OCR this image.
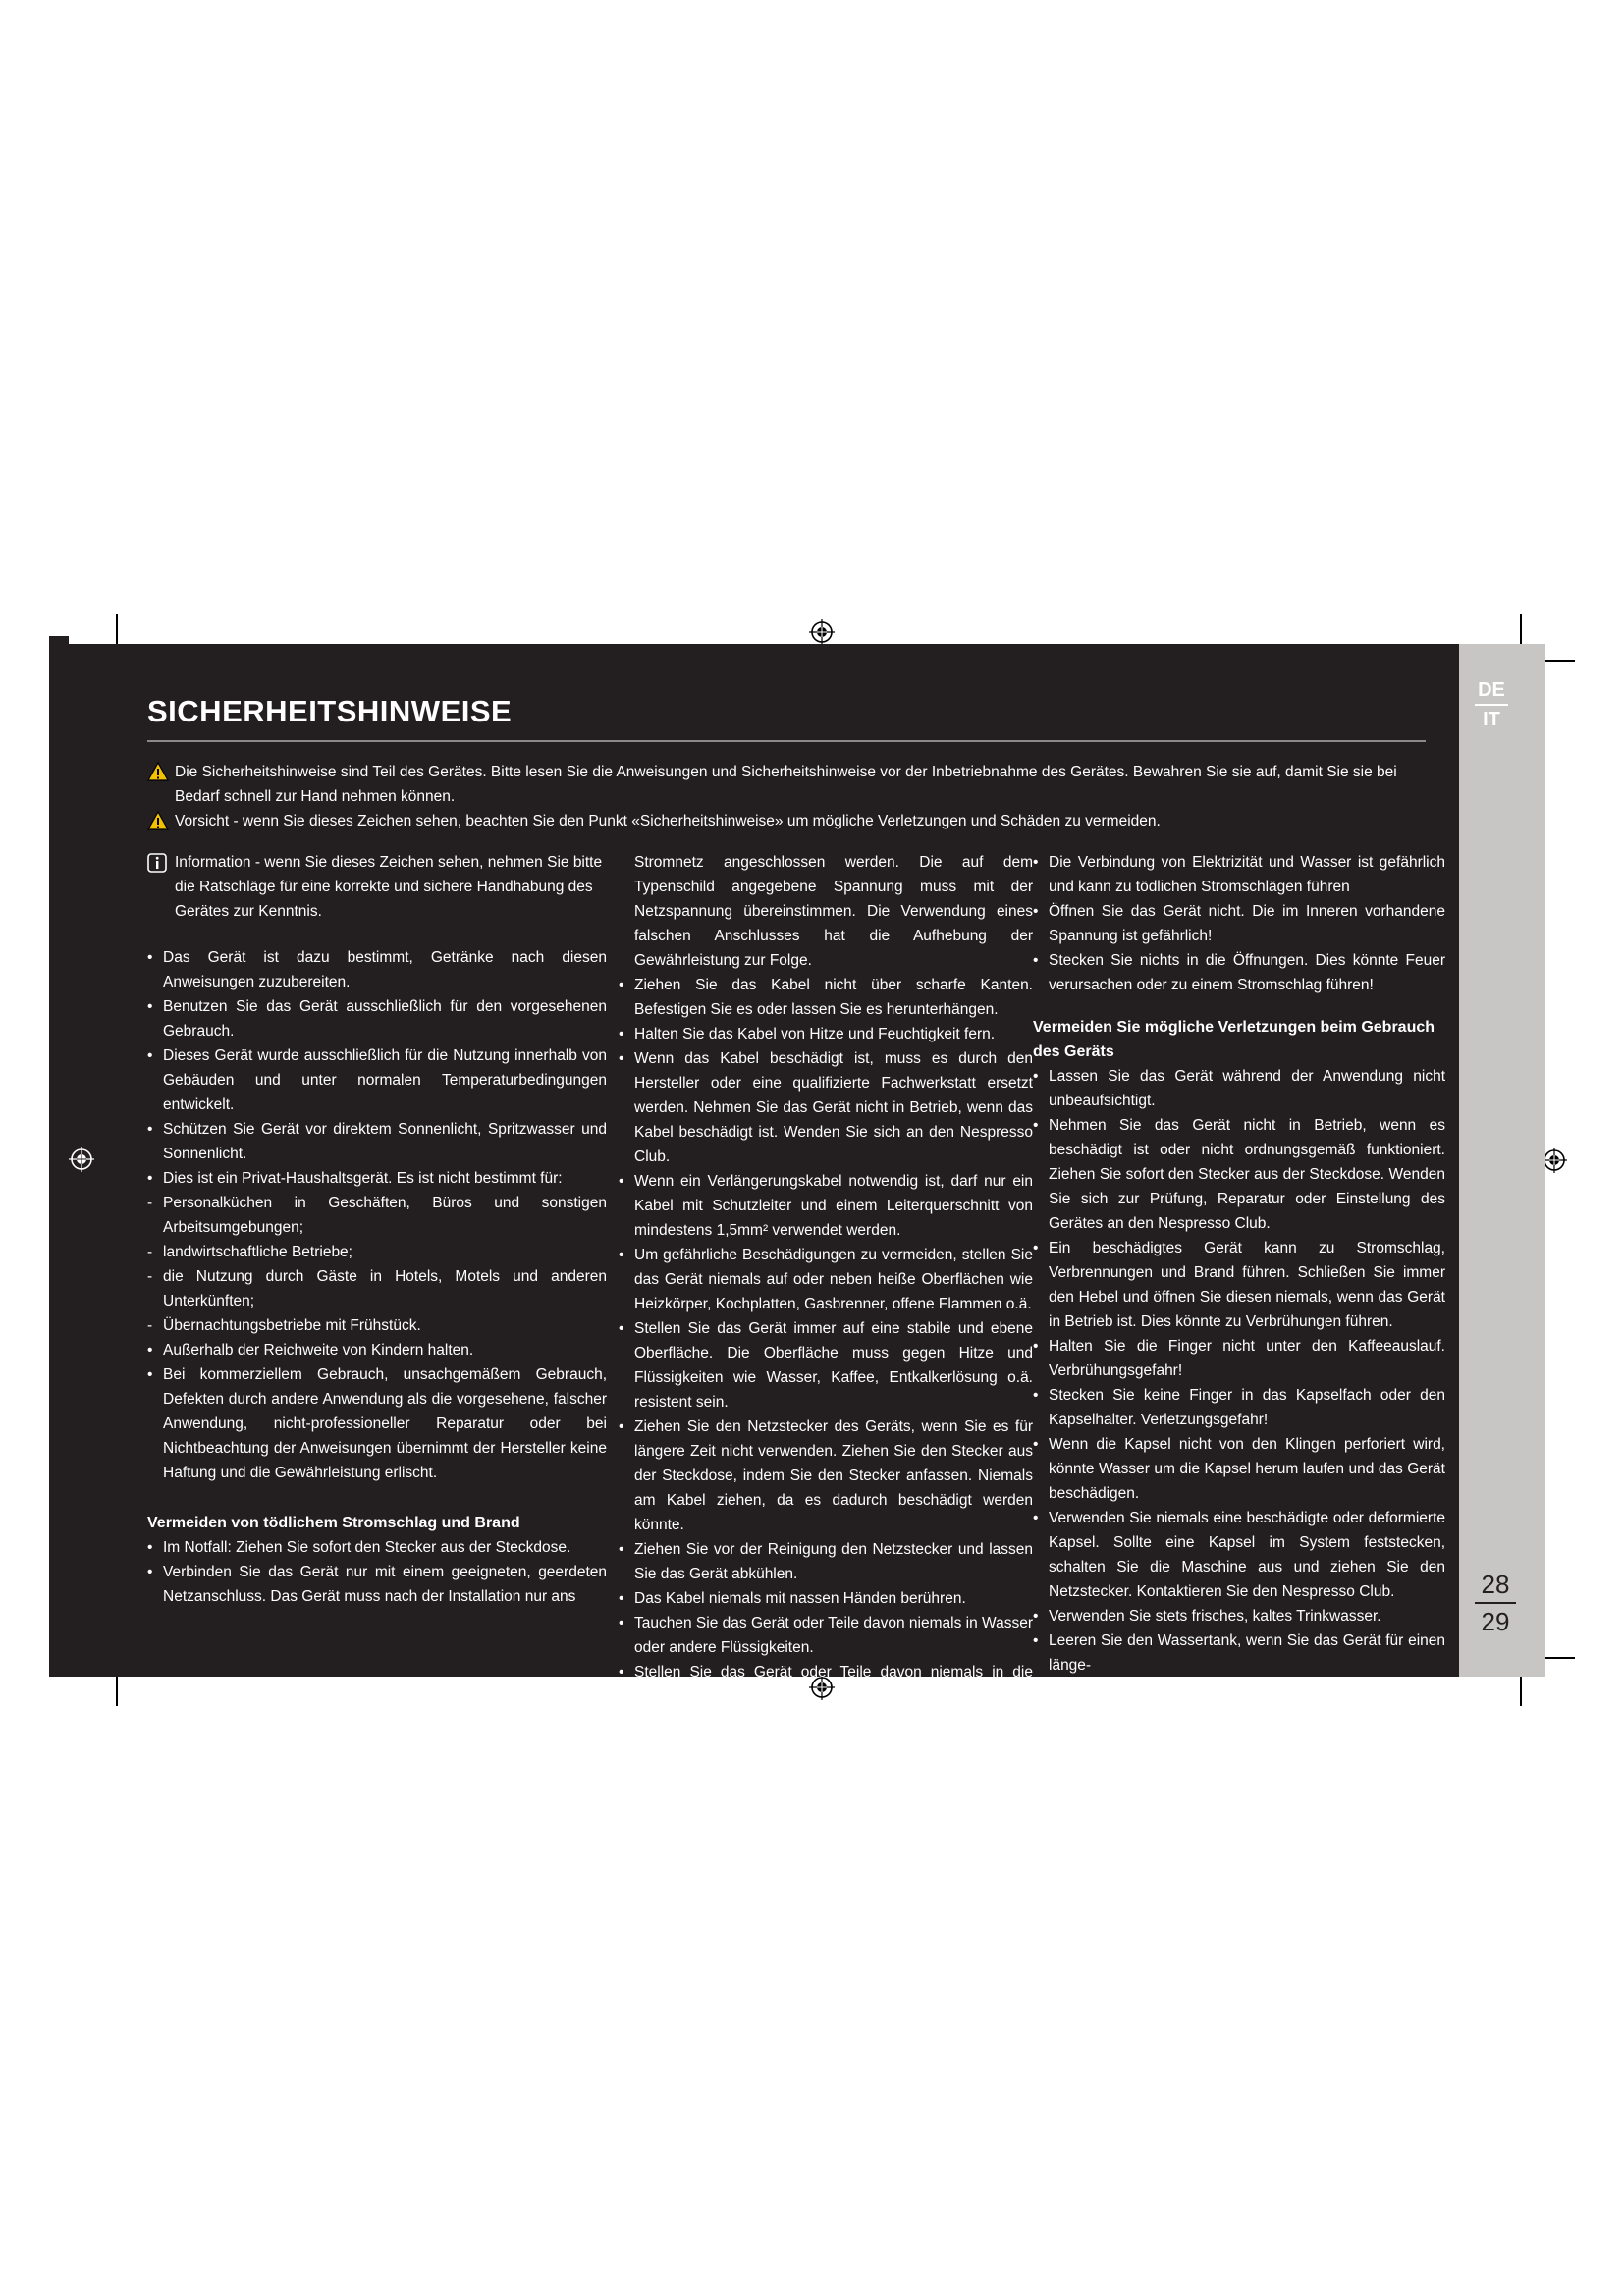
DE
IT
28
29
SICHERHEITSHINWEISE
Die Sicherheitshinweise sind Teil des Gerätes. Bitte lesen Sie die Anweisungen und Sicherheitshinweise vor der Inbetriebnahme des Gerätes. Bewahren Sie sie auf, damit Sie sie bei Bedarf schnell zur Hand nehmen können.
Vorsicht - wenn Sie dieses Zeichen sehen, beachten Sie den Punkt «Sicherheitshinweise» um mögliche Verletzungen und Schäden zu vermeiden.
Information - wenn Sie dieses Zeichen sehen, nehmen Sie bitte die Ratschläge für eine korrekte und sichere Handhabung des Gerätes zur Kenntnis.
• Das Gerät ist dazu bestimmt, Getränke nach diesen Anweisungen zuzubereiten.
• Benutzen Sie das Gerät ausschließlich für den vorgesehenen Gebrauch.
• Dieses Gerät wurde ausschließlich für die Nutzung innerhalb von Gebäuden und unter normalen Temperaturbedingungen entwickelt.
• Schützen Sie Gerät vor direktem Sonnenlicht, Spritzwasser und Sonnenlicht.
• Dies ist ein Privat-Haushaltsgerät. Es ist nicht bestimmt für:
- Personalküchen in Geschäften, Büros und sonstigen Arbeitsumgebungen;
- landwirtschaftliche Betriebe;
- die Nutzung durch Gäste in Hotels, Motels und anderen Unterkünften;
- Übernachtungsbetriebe mit Frühstück.
• Außerhalb der Reichweite von Kindern halten.
• Bei kommerziellem Gebrauch, unsachgemäßem Gebrauch, Defekten durch andere Anwendung als die vorgesehene, falscher Anwendung, nicht-professioneller Reparatur oder bei Nichtbeachtung der Anweisungen übernimmt der Hersteller keine Haftung und die Gewährleistung erlischt.
Vermeiden von tödlichem Stromschlag und Brand
• Im Notfall: Ziehen Sie sofort den Stecker aus der Steckdose.
• Verbinden Sie das Gerät nur mit einem geeigneten, geerdeten Netzanschluss. Das Gerät muss nach der Installation nur ans
Stromnetz angeschlossen werden. Die auf dem Typenschild angegebene Spannung muss mit der Netzspannung übereinstimmen. Die Verwendung eines falschen Anschlusses hat die Aufhebung der Gewährleistung zur Folge.
• Ziehen Sie das Kabel nicht über scharfe Kanten. Befestigen Sie es oder lassen Sie es herunterhängen.
• Halten Sie das Kabel von Hitze und Feuchtigkeit fern.
• Wenn das Kabel beschädigt ist, muss es durch den Hersteller oder eine qualifizierte Fachwerkstatt ersetzt werden. Nehmen Sie das Gerät nicht in Betrieb, wenn das Kabel beschädigt ist. Wenden Sie sich an den Nespresso Club.
• Wenn ein Verlängerungskabel notwendig ist, darf nur ein Kabel mit Schutzleiter und einem Leiterquerschnitt von mindestens 1,5mm² verwendet werden.
• Um gefährliche Beschädigungen zu vermeiden, stellen Sie das Gerät niemals auf oder neben heiße Oberflächen wie Heizkörper, Kochplatten, Gasbrenner, offene Flammen o.ä.
• Stellen Sie das Gerät immer auf eine stabile und ebene Oberfläche. Die Oberfläche muss gegen Hitze und Flüssigkeiten wie Wasser, Kaffee, Entkalkerlösung o.ä. resistent sein.
• Ziehen Sie den Netzstecker des Geräts, wenn Sie es für längere Zeit nicht verwenden. Ziehen Sie den Stecker aus der Steckdose, indem Sie den Stecker anfassen. Niemals am Kabel ziehen, da es dadurch beschädigt werden könnte.
• Ziehen Sie vor der Reinigung den Netzstecker und lassen Sie das Gerät abkühlen.
• Das Kabel niemals mit nassen Händen berühren.
• Tauchen Sie das Gerät oder Teile davon niemals in Wasser oder andere Flüssigkeiten.
• Stellen Sie das Gerät oder Teile davon niemals in die Spülmaschine.
• Die Verbindung von Elektrizität und Wasser ist gefährlich und kann zu tödlichen Stromschlägen führen
• Öffnen Sie das Gerät nicht. Die im Inneren vorhandene Spannung ist gefährlich!
• Stecken Sie nichts in die Öffnungen. Dies könnte Feuer verursachen oder zu einem Stromschlag führen!
Vermeiden Sie mögliche Verletzungen beim Gebrauch des Geräts
• Lassen Sie das Gerät während der Anwendung nicht unbeaufsichtigt.
• Nehmen Sie das Gerät nicht in Betrieb, wenn es beschädigt ist oder nicht ordnungsgemäß funktioniert. Ziehen Sie sofort den Stecker aus der Steckdose. Wenden Sie sich zur Prüfung, Reparatur oder Einstellung des Gerätes an den Nespresso Club.
• Ein beschädigtes Gerät kann zu Stromschlag, Verbrennungen und Brand führen. Schließen Sie immer den Hebel und öffnen Sie diesen niemals, wenn das Gerät in Betrieb ist. Dies könnte zu Verbrühungen führen.
• Halten Sie die Finger nicht unter den Kaffeeauslauf. Verbrühungsgefahr!
• Stecken Sie keine Finger in das Kapselfach oder den Kapselhalter. Verletzungsgefahr!
• Wenn die Kapsel nicht von den Klingen perforiert wird, könnte Wasser um die Kapsel herum laufen und das Gerät beschädigen.
• Verwenden Sie niemals eine beschädigte oder deformierte Kapsel. Sollte eine Kapsel im System feststecken, schalten Sie die Maschine aus und ziehen Sie den Netzstecker. Kontaktieren Sie den Nespresso Club.
• Verwenden Sie stets frisches, kaltes Trinkwasser.
• Leeren Sie den Wassertank, wenn Sie das Gerät für einen länge-
